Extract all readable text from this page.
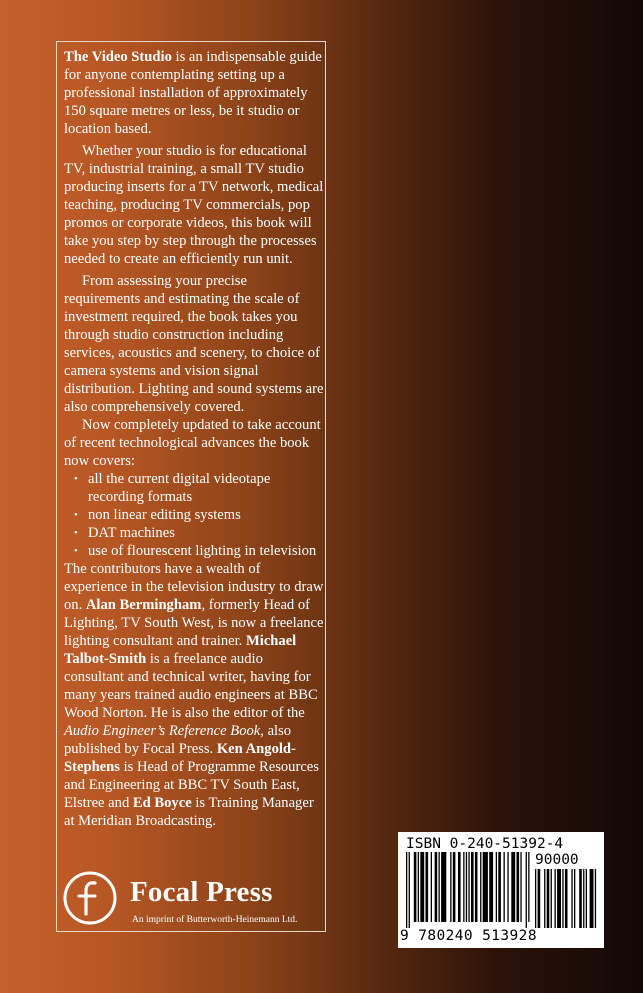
The Video Studio is an indispensable guide for anyone contemplating setting up a professional installation of approximately 150 square metres or less, be it studio or location based.

Whether your studio is for educational TV, industrial training, a small TV studio producing inserts for a TV network, medical teaching, producing TV commercials, pop promos or corporate videos, this book will take you step by step through the processes needed to create an efficiently run unit.

From assessing your precise requirements and estimating the scale of investment required, the book takes you through studio construction including services, acoustics and scenery, to choice of camera systems and vision signal distribution. Lighting and sound systems are also comprehensively covered.

Now completely updated to take account of recent technological advances the book now covers:

• all the current digital videotape recording formats
• non linear editing systems
• DAT machines
• use of flourescent lighting in television

The contributors have a wealth of experience in the television industry to draw on. Alan Bermingham, formerly Head of Lighting, TV South West, is now a freelance lighting consultant and trainer. Michael Talbot-Smith is a freelance audio consultant and technical writer, having for many years trained audio engineers at BBC Wood Norton. He is also the editor of the Audio Engineer’s Reference Book, also published by Focal Press. Ken Angold-Stephens is Head of Programme Resources and Engineering at BBC TV South East, Elstree and Ed Boyce is Training Manager at Meridian Broadcasting.

Focal Press
An imprint of Butterworth-Heinemann Ltd.
ISBN 0-240-51392-4
90000
9 780240 513928
